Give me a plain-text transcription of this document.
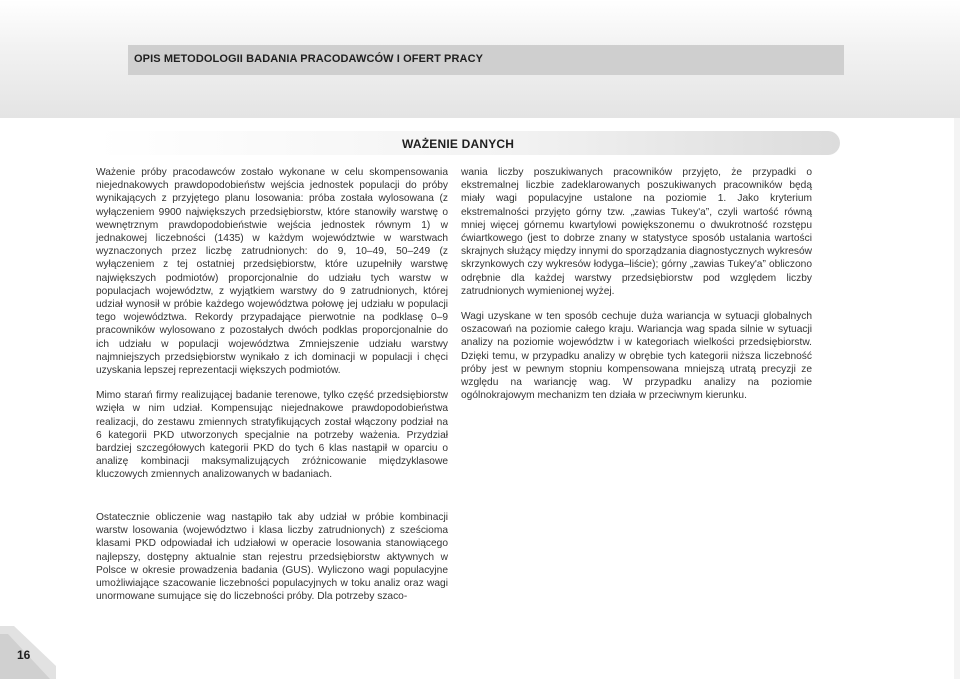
OPIS METODOLOGII BADANIA PRACODAWCÓW I OFERT PRACY
WAŻENIE DANYCH

Ważenie próby pracodawców zostało wykonane w celu skompensowania niejednakowych prawdopodobieństw wejścia jednostek populacji do próby wynikających z przyjętego planu losowania: próba została wylosowana (z wyłączeniem 9900 największych przedsiębiorstw, które stanowiły warstwę o wewnętrznym prawdopodobieństwie wejścia jednostek równym 1) w jednakowej liczebności (1435) w każdym województwie w warstwach wyznaczonych przez liczbę zatrudnionych: do 9, 10–49, 50–249 (z wyłączeniem z tej ostatniej przedsiębiorstw, które uzupełniły warstwę największych podmiotów) proporcjonalnie do udziału tych warstw w populacjach województw, z wyjątkiem warstwy do 9 zatrudnionych, której udział wynosił w próbie każdego województwa połowę jej udziału w populacji tego województwa. Rekordy przypadające pierwotnie na podklasę 0–9 pracowników wylosowano z pozostałych dwóch podklas proporcjonalnie do ich udziału w populacji województwa Zmniejszenie udziału warstwy najmniejszych przedsiębiorstw wynikało z ich dominacji w populacji i chęci uzyskania lepszej reprezentacji większych podmiotów.

Mimo starań firmy realizującej badanie terenowe, tylko część przedsiębiorstw wzięła w nim udział. Kompensując niejednakowe prawdopodobieństwa realizacji, do zestawu zmiennych stratyfikujących został włączony podział na 6 kategorii PKD utworzonych specjalnie na potrzeby ważenia. Przydział bardziej szczegółowych kategorii PKD do tych 6 klas nastąpił w oparciu o analizę kombinacji maksymalizujących zróżnicowanie międzyklasowe kluczowych zmiennych analizowanych w badaniach.

Ostatecznie obliczenie wag nastąpiło tak aby udział w próbie kombinacji warstw losowania (województwo i klasa liczby zatrudnionych) z sześcioma klasami PKD odpowiadał ich udziałowi w operacie losowania stanowiącego najlepszy, dostępny aktualnie stan rejestru przedsiębiorstw aktywnych w Polsce w okresie prowadzenia badania (GUS). Wyliczono wagi populacyjne umożliwiające szacowanie liczebności populacyjnych w toku analiz oraz wagi unormowane sumujące się do liczebności próby. Dla potrzeby szaco-

wania liczby poszukiwanych pracowników przyjęto, że przypadki o ekstremalnej liczbie zadeklarowanych poszukiwanych pracowników będą miały wagi populacyjne ustalone na poziomie 1. Jako kryterium ekstremalności przyjęto górny tzw. „zawias Tukey'a”, czyli wartość równą mniej więcej górnemu kwartylowi powiększonemu o dwukrotność rozstępu ćwiartkowego (jest to dobrze znany w statystyce sposób ustalania wartości skrajnych służący między innymi do sporządzania diagnostycznych wykresów skrzynkowych czy wykresów łodyga–liście); górny „zawias Tukey'a” obliczono odrębnie dla każdej warstwy przedsiębiorstw pod względem liczby zatrudnionych wymienionej wyżej.

Wagi uzyskane w ten sposób cechuje duża wariancja w sytuacji globalnych oszacowań na poziomie całego kraju. Wariancja wag spada silnie w sytuacji analizy na poziomie województw i w kategoriach wielkości przedsiębiorstw. Dzięki temu, w przypadku analizy w obrębie tych kategorii niższa liczebność próby jest w pewnym stopniu kompensowana mniejszą utratą precyzji ze względu na wariancję wag. W przypadku analizy na poziomie ogólnokrajowym mechanizm ten działa w przeciwnym kierunku.

16
